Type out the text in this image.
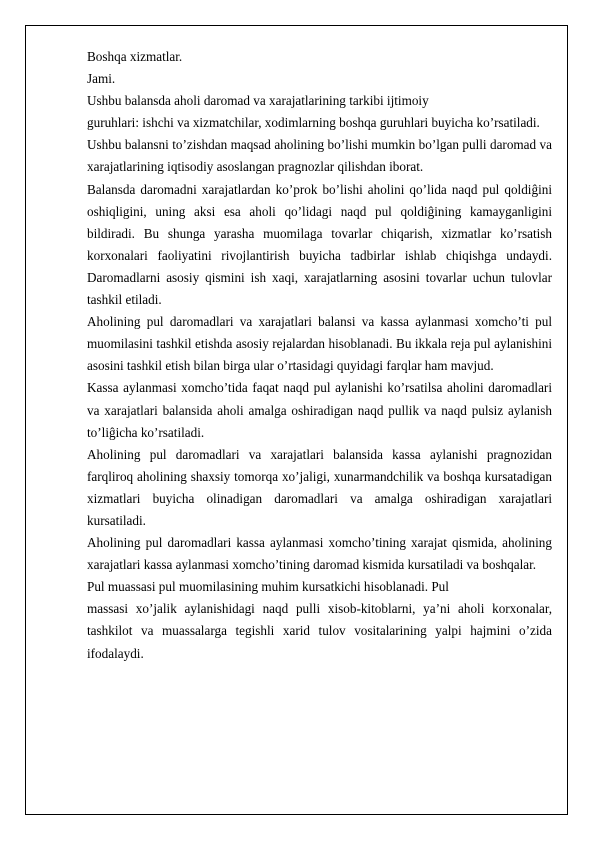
Boshqa xizmatlar.

Jami.

Ushbu balansda aholi daromad va xarajatlarining tarkibi ijtimoiy

guruhlari: ishchi va xizmatchilar, xodimlarning boshqa guruhlari buyicha ko’rsatiladi.

Ushbu balansni to’zishdan maqsad aholining bo’lishi mumkin bo’lgan pulli daromad va xarajatlarining iqtisodiy asoslangan pragnozlar qilishdan iborat.

Balansda daromadni xarajatlardan ko’prok bo’lishi aholini qo’lida naqd pul qoldiĝini oshiqligini, uning aksi esa aholi qo’lidagi naqd pul qoldiĝining kamayganligini bildiradi. Bu shunga yarasha muomilaga tovarlar chiqarish, xizmatlar ko’rsatish korxonalari faoliyatini rivojlantirish buyicha tadbirlar ishlab chiqishga undaydi. Daromadlarni asosiy qismini ish xaqi, xarajatlarning asosini tovarlar uchun tulovlar tashkil etiladi.

Aholining pul daromadlari va xarajatlari balansi va kassa aylanmasi xomcho’ti pul muomilasini tashkil etishda asosiy rejalardan hisoblanadi. Bu ikkala reja pul aylanishini asosini tashkil etish bilan birga ular o’rtasidagi quyidagi farqlar ham mavjud.

Kassa aylanmasi xomcho’tida faqat naqd pul aylanishi ko’rsatilsa aholini daromadlari va xarajatlari balansida aholi amalga oshiradigan naqd pullik va naqd pulsiz aylanish to’liĝicha ko’rsatiladi.

Aholining pul daromadlari va xarajatlari balansida kassa aylanishi pragnozidan farqliroq aholining shaxsiy tomorqa xo’jaligi, xunarmandchilik va boshqa kursatadigan xizmatlari buyicha olinadigan daromadlari va amalga oshiradigan xarajatlari kursatiladi.

Aholining pul daromadlari kassa aylanmasi xomcho’tining xarajat qismida, aholining xarajatlari kassa aylanmasi xomcho’tining daromad kismida kursatiladi va boshqalar.

Pul muassasi pul muomilasining muhim kursatkichi hisoblanadi. Pul

massasi xo’jalik aylanishidagi naqd pulli xisob-kitoblarni, ya’ni aholi korxonalar, tashkilot va muassalarga tegishli xarid tulov vositalarining yalpi hajmini o’zida ifodalaydi.
